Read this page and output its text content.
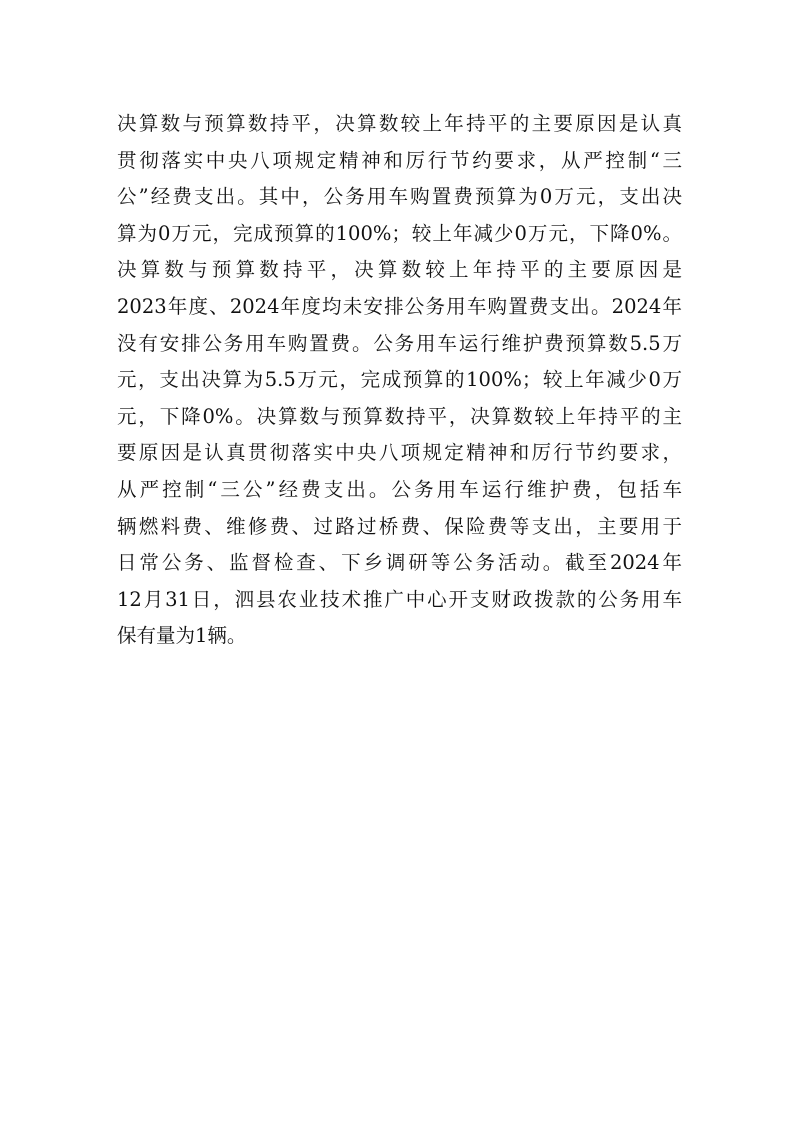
决算数与预算数持平，决算数较上年持平的主要原因是认真
贯彻落实中央八项规定精神和厉行节约要求，从严控制“三
公”经费支出。其中，公务用车购置费预算为0万元，支出决
算为0万元，完成预算的100%；较上年减少0万元，下降0%。
决算数与预算数持平，决算数较上年持平的主要原因是
2023年度、2024年度均未安排公务用车购置费支出。2024年
没有安排公务用车购置费。公务用车运行维护费预算数5.5万
元，支出决算为5.5万元，完成预算的100%；较上年减少0万
元，下降0%。决算数与预算数持平，决算数较上年持平的主
要原因是认真贯彻落实中央八项规定精神和厉行节约要求，
从严控制“三公”经费支出。公务用车运行维护费，包括车
辆燃料费、维修费、过路过桥费、保险费等支出，主要用于
日常公务、监督检查、下乡调研等公务活动。截至2024年
12月31日，泗县农业技术推广中心开支财政拨款的公务用车
保有量为1辆。
